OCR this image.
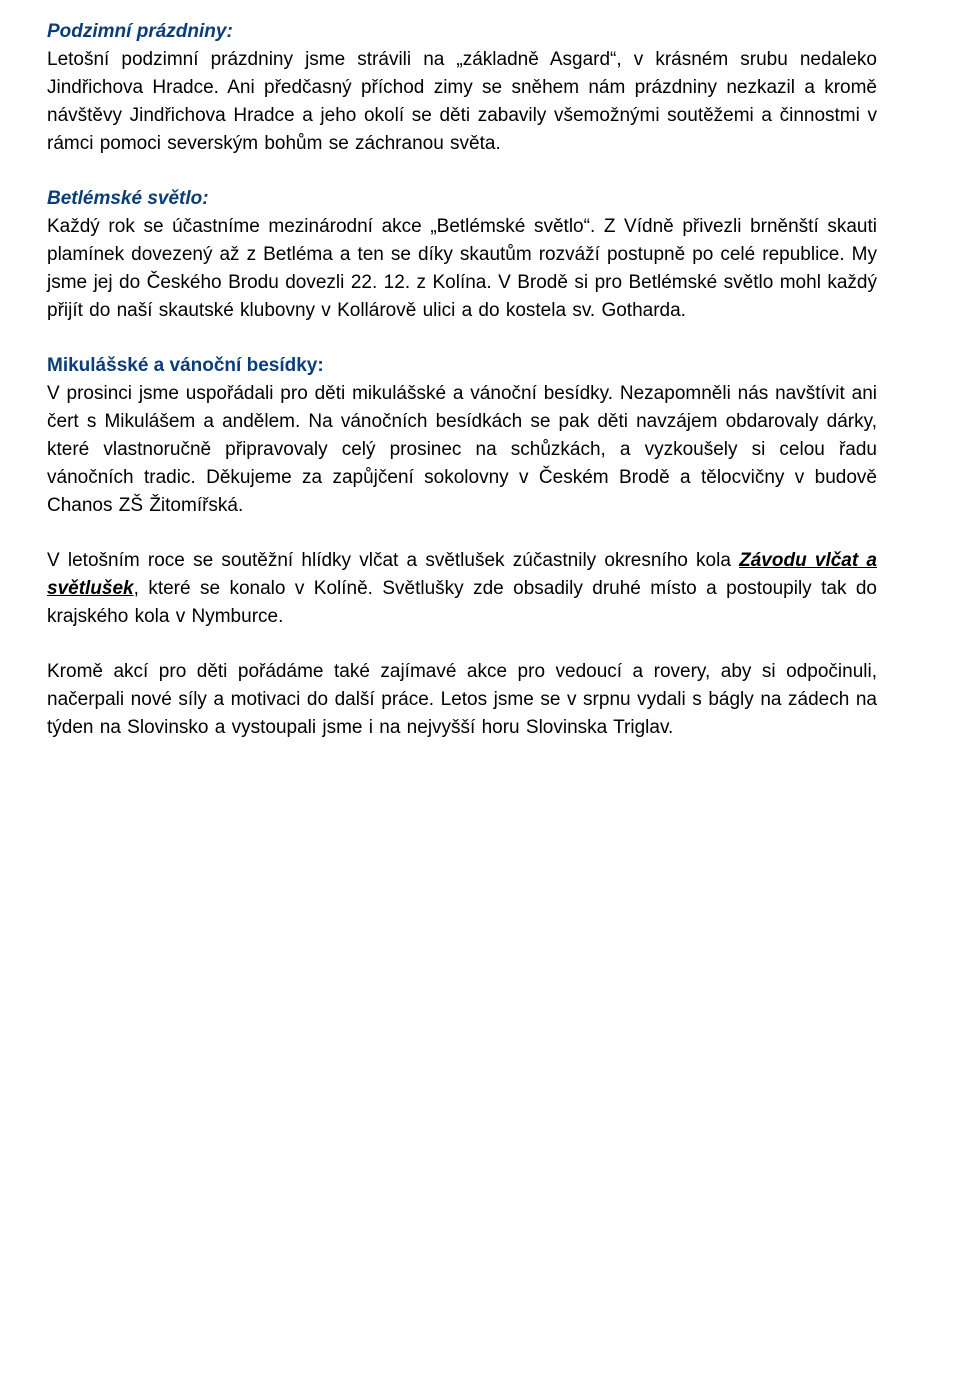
Podzimní prázdniny:

Letošní podzimní prázdniny jsme strávili na „základně Asgard“, v krásném srubu nedaleko Jindřichova Hradce. Ani předčasný příchod zimy se sněhem nám prázdniny nezkazil a kromě návštěvy Jindřichova Hradce a jeho okolí se děti zabavily všemožnými soutěžemi a činnostmi v rámci pomoci severským bohům se záchranou světa.

Betlémské světlo:

Každý rok se účastníme mezinárodní akce „Betlémské světlo“. Z Vídně přivezli brněnští skauti plamínek dovezený až z Betléma a ten se díky skautům rozváží postupně po celé republice. My jsme jej do Českého Brodu dovezli 22. 12. z Kolína. V Brodě si pro Betlémské světlo mohl každý přijít do naší skautské klubovny v Kollárově ulici a do kostela sv. Gotharda.

Mikulášské a vánoční besídky:

V prosinci jsme uspořádali pro děti mikulášské a vánoční besídky. Nezapomněli nás navštívit ani čert s Mikulášem a andělem. Na vánočních besídkách se pak děti navzájem obdarovaly dárky, které vlastnoručně připravovaly celý prosinec na schůzkách, a vyzkoušely si celou řadu vánočních tradic. Děkujeme za zapůjčení sokolovny v Českém Brodě a tělocvičny v budově Chanos ZŠ Žitomířská.

V letošním roce se soutěžní hlídky vlčat a světlušek zúčastnily okresního kola Závodu vlčat a světlušek, které se konalo v Kolíně. Světlušky zde obsadily druhé místo a postoupily tak do krajského kola v Nymburce.

Kromě akcí pro děti pořádáme také zajímavé akce pro vedoucí a rovery, aby si odpočinuli, načerpali nové síly a motivaci do další práce. Letos jsme se v srpnu vydali s bágly na zádech na týden na Slovinsko a vystoupali jsme i na nejvyšší horu Slovinska Triglav.
